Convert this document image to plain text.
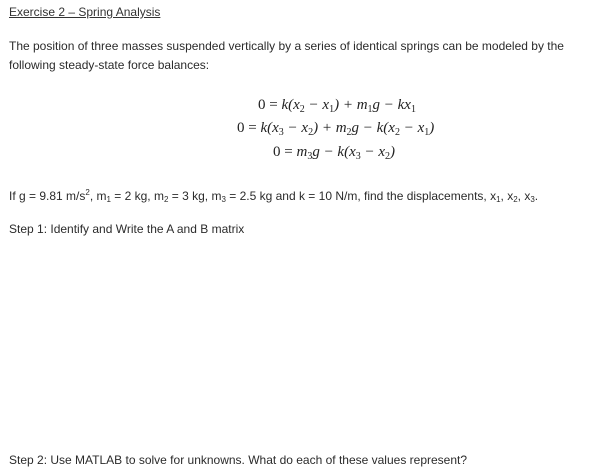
Exercise 2 – Spring Analysis
The position of three masses suspended vertically by a series of identical springs can be modeled by the following steady-state force balances:
$0 = k(x_2 - x_1) + m_1g - kx_1$
$0 = k(x_3 - x_2) + m_2g - k(x_2 - x_1)$
$0 = m_3g - k(x_3 - x_2)$
If g = 9.81 $m/s^2$, $m_1 = 2$ kg, $m_2 = 3$ kg, $m_3 = 2.5$ kg and k = 10 N/m, find the displacements, $x_1$, $x_2$, $x_3$.
Step 1: Identify and Write the A and B matrix
Step 2: Use MATLAB to solve for unknowns. What do each of these values represent?
